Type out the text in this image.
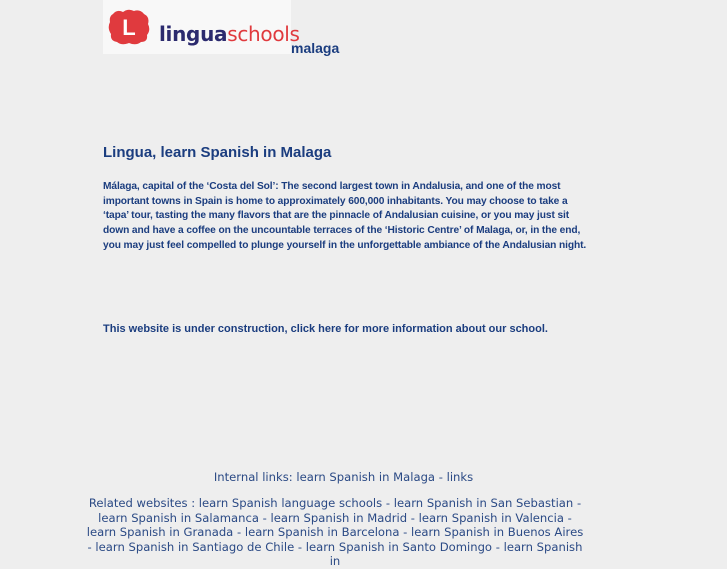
L linguaschools
malaga
Lingua, learn Spanish in Malaga

Málaga, capital of the ‘Costa del Sol’: The second largest town in Andalusia, and one of the most important towns in Spain is home to approximately 600,000 inhabitants. You may choose to take a ‘tapa’ tour, tasting the many flavors that are the pinnacle of Andalusian cuisine, or you may just sit down and have a coffee on the uncountable terraces of the ‘Historic Centre’ of Malaga, or, in the end, you may just feel compelled to plunge yourself in the unforgettable ambiance of the Andalusian night.

This website is under construction, click here for more information about our school.

Internal links: learn Spanish in Malaga - links
Related websites : learn Spanish language schools - learn Spanish in San Sebastian - learn Spanish in Salamanca - learn Spanish in Madrid - learn Spanish in Valencia - learn Spanish in Granada - learn Spanish in Barcelona - learn Spanish in Buenos Aires - learn Spanish in Santiago de Chile - learn Spanish in Santo Domingo - learn Spanish in
